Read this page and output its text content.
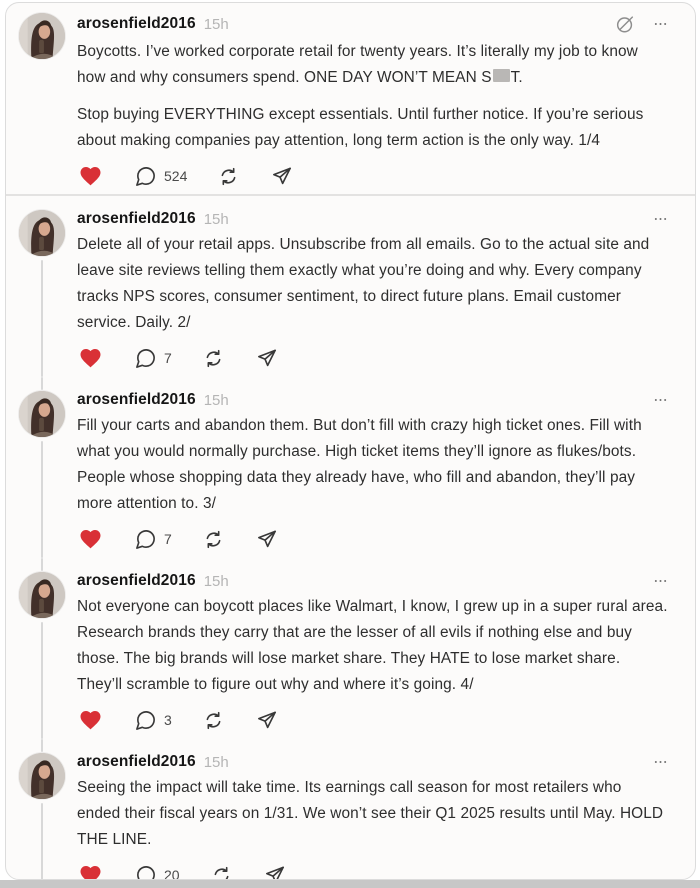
arosenfield2016 15h

Boycotts. I’ve worked corporate retail for twenty years. It’s literally my job to know how and why consumers spend. ONE DAY WON’T MEAN S T.

Stop buying EVERYTHING except essentials. Until further notice. If you’re serious about making companies pay attention, long term action is the only way. 1/4

524
arosenfield2016 15h

Delete all of your retail apps. Unsubscribe from all emails. Go to the actual site and leave site reviews telling them exactly what you’re doing and why. Every company tracks NPS scores, consumer sentiment, to direct future plans. Email customer service. Daily. 2/

7
arosenfield2016 15h

Fill your carts and abandon them. But don’t fill with crazy high ticket ones. Fill with what you would normally purchase. High ticket items they’ll ignore as flukes/bots. People whose shopping data they already have, who fill and abandon, they’ll pay more attention to. 3/

7
arosenfield2016 15h

Not everyone can boycott places like Walmart, I know, I grew up in a super rural area. Research brands they carry that are the lesser of all evils if nothing else and buy those. The big brands will lose market share. They HATE to lose market share. They’ll scramble to figure out why and where it’s going. 4/

3
arosenfield2016 15h

Seeing the impact will take time. Its earnings call season for most retailers who ended their fiscal years on 1/31. We won’t see their Q1 2025 results until May. HOLD THE LINE.

20
